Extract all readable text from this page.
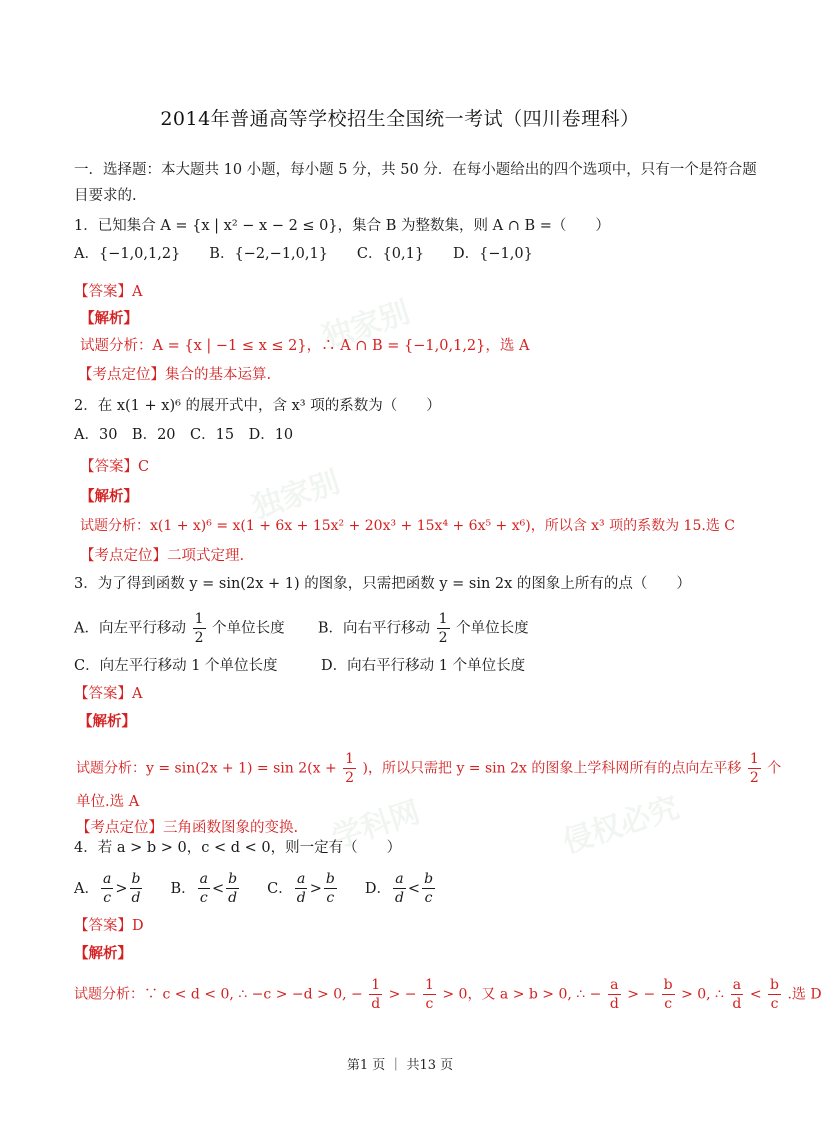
独家别
独家别
学科网	侵权必究
2014年普通高等学校招生全国统一考试（四川卷理科）
一．选择题：本大题共 10 小题，每小题 5 分，共 50 分．在每小题给出的四个选项中，只有一个是符合题
目要求的.
1．已知集合 A = {x | x² − x − 2 ≤ 0}，集合 B 为整数集，则 A ∩ B =（　　）
A．{−1,0,1,2}　　B．{−2,−1,0,1}　　C．{0,1}　　D．{−1,0}
【答案】A
【解析】
试题分析：A = {x | −1 ≤ x ≤ 2}，∴ A ∩ B = {−1,0,1,2}，选 A
【考点定位】集合的基本运算.
2．在 x(1 + x)⁶ 的展开式中，含 x³ 项的系数为（　　）
A．30　B．20　C．15　D．10
【答案】C
【解析】
试题分析：x(1 + x)⁶ = x(1 + 6x + 15x² + 20x³ + 15x⁴ + 6x⁵ + x⁶)，所以含 x³ 项的系数为 15.选 C
【考点定位】二项式定理.
3．为了得到函数 y = sin(2x + 1) 的图象，只需把函数 y = sin 2x 的图象上所有的点（　　）
A．向左平行移动 $\frac{1}{2}$ 个单位长度 B．向右平行移动 $\frac{1}{2}$ 个单位长度
C．向左平行移动 1 个单位长度　　　D．向右平行移动 1 个单位长度
【答案】A
【解析】
试题分析：$y = \sin(2x + 1) = \sin 2(x + \frac{1}{2}$ )，所以只需把 y = sin 2x 的图象上学科网所有的点向左平移 $\frac{1}{2}$ 个
单位.选 A
【考点定位】三角函数图象的变换.
4．若 a > b > 0，c < d < 0，则一定有（　　）
A． $\frac{a}{c} > \frac{b}{d}$ B． $\frac{a}{c} < \frac{b}{d}$ C． $\frac{a}{d} > \frac{b}{c}$ D． $\frac{a}{d} < \frac{b}{c}$
【答案】D
【解析】
试题分析：∵ c < d < 0, ∴ −c > −d > 0, − $\frac{1}{d}$ > − $\frac{1}{c} > 0$，又 a > b > 0, ∴ − $\frac{a}{d}$ > − $\frac{b}{c} > 0$, ∴ $\frac{a}{d} < \frac{b}{c}$ .选 D
第1 页 ｜ 共13 页
